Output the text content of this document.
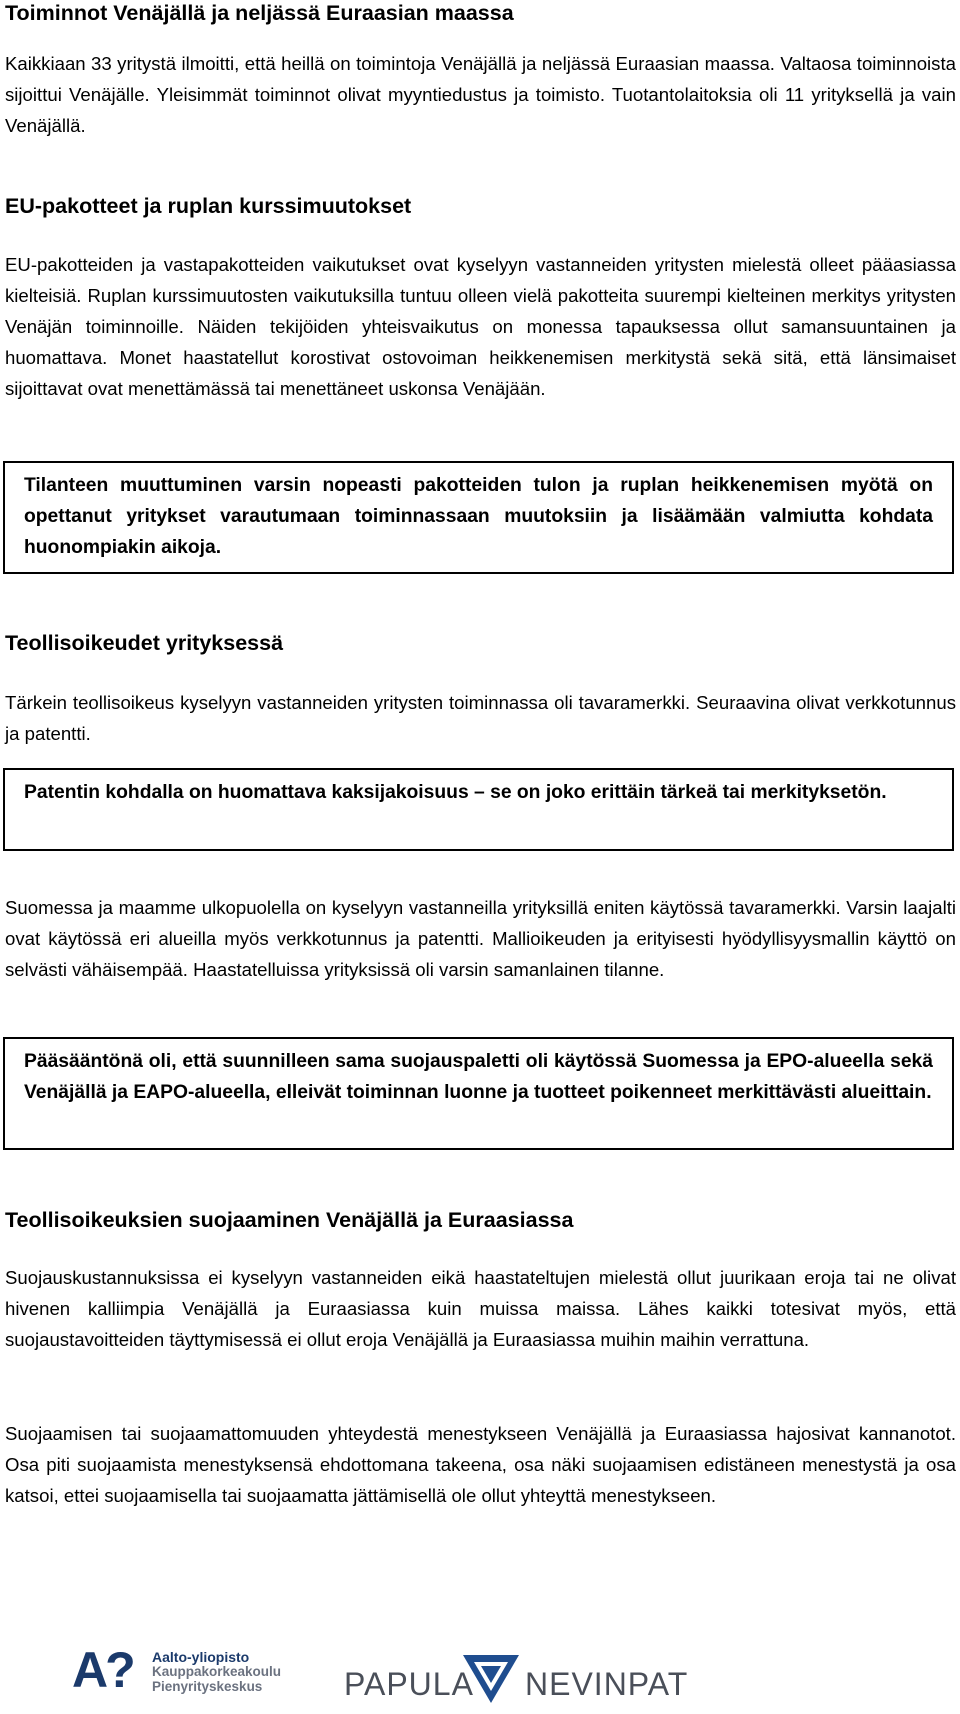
Toiminnot Venäjällä ja neljässä Euraasian maassa

Kaikkiaan 33 yritystä ilmoitti, että heillä on toimintoja Venäjällä ja neljässä Euraasian maassa. Valtaosa toiminnoista sijoittui Venäjälle. Yleisimmät toiminnot olivat myyntiedustus ja toimisto. Tuotantolaitoksia oli 11 yrityksellä ja vain Venäjällä.

EU-pakotteet ja ruplan kurssimuutokset

EU-pakotteiden ja vastapakotteiden vaikutukset ovat kyselyyn vastanneiden yritysten mielestä olleet pääasiassa kielteisiä. Ruplan kurssimuutosten vaikutuksilla tuntuu olleen vielä pakotteita suurempi kielteinen merkitys yritysten Venäjän toiminnoille. Näiden tekijöiden yhteisvaikutus on monessa tapauksessa ollut samansuuntainen ja huomattava. Monet haastatellut korostivat ostovoiman heikkenemisen merkitystä sekä sitä, että länsimaiset sijoittavat ovat menettämässä tai menettäneet uskonsa Venäjään.

Tilanteen muuttuminen varsin nopeasti pakotteiden tulon ja ruplan heikkenemisen myötä on opettanut yritykset varautumaan toiminnassaan muutoksiin ja lisäämään valmiutta kohdata huonompiakin aikoja.

Teollisoikeudet yrityksessä

Tärkein teollisoikeus kyselyyn vastanneiden yritysten toiminnassa oli tavaramerkki. Seuraavina olivat verkkotunnus ja patentti.

Patentin kohdalla on huomattava kaksijakoisuus – se on joko erittäin tärkeä tai merkityksetön.

Suomessa ja maamme ulkopuolella on kyselyyn vastanneilla yrityksillä eniten käytössä tavaramerkki. Varsin laajalti ovat käytössä eri alueilla myös verkkotunnus ja patentti. Mallioikeuden ja erityisesti hyödyllisyysmallin käyttö on selvästi vähäisempää. Haastatelluissa yrityksissä oli varsin samanlainen tilanne.

Pääsääntönä oli, että suunnilleen sama suojauspaletti oli käytössä Suomessa ja EPO-alueella sekä Venäjällä ja EAPO-alueella, elleivät toiminnan luonne ja tuotteet poikenneet merkittävästi alueittain.

Teollisoikeuksien suojaaminen Venäjällä ja Euraasiassa

Suojauskustannuksissa ei kyselyyn vastanneiden eikä haastateltujen mielestä ollut juurikaan eroja tai ne olivat hivenen kalliimpia Venäjällä ja Euraasiassa kuin muissa maissa. Lähes kaikki totesivat myös, että suojaustavoitteiden täyttymisessä ei ollut eroja Venäjällä ja Euraasiassa muihin maihin verrattuna.

Suojaamisen tai suojaamattomuuden yhteydestä menestykseen Venäjällä ja Euraasiassa hajosivat kannanotot. Osa piti suojaamista menestyksensä ehdottomana takeena, osa näki suojaamisen edistäneen menestystä ja osa katsoi, ettei suojaamisella tai suojaamatta jättämisellä ole ollut yhteyttä menestykseen.

A? Aalto-yliopisto
Kauppakorkeakoulu
Pienyrityskeskus	PAPULA NEVINPAT
